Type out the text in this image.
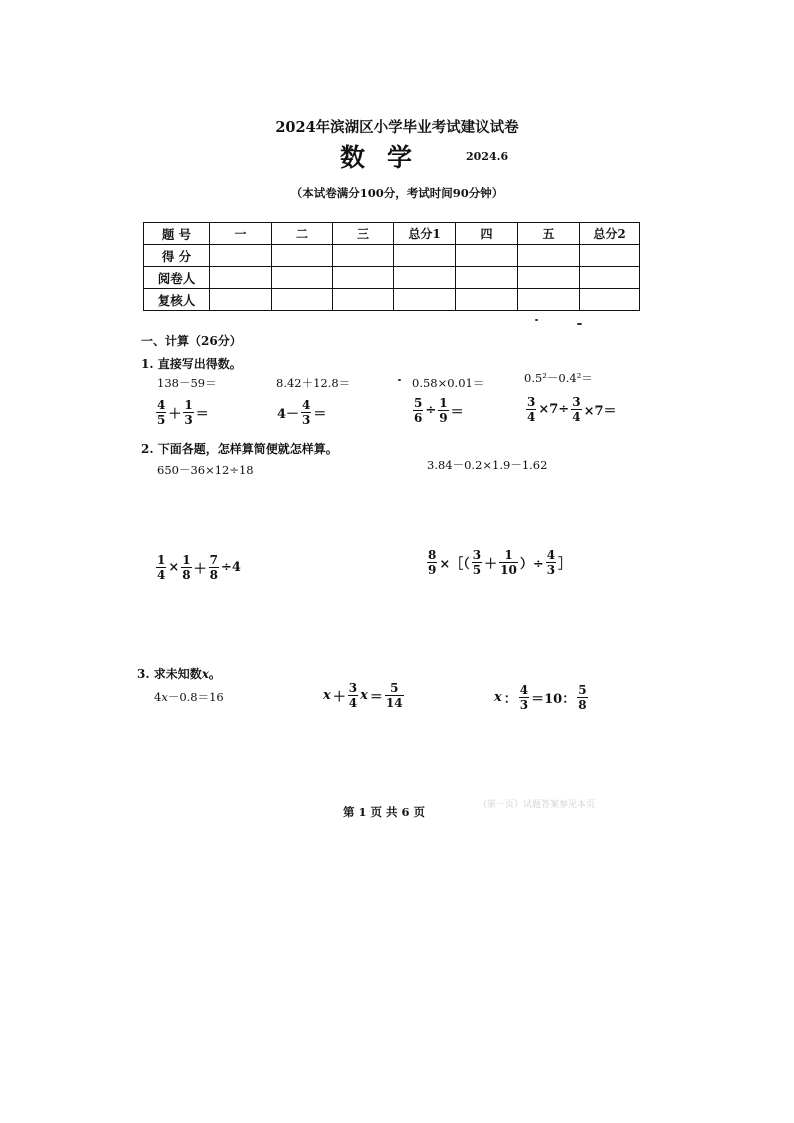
2024年滨湖区小学毕业考试建议试卷
数学	2024.6
（本试卷满分100分，考试时间90分钟）
题 号	一	二	三	总分1	四	五	总分2
得 分							
阅卷人							
复核人							
一、计算（26分）
1. 直接写出得数。
138－59＝	8.42＋12.8＝	0.58×0.01＝	0.5²－0.4²＝
$\frac{4}{5} + \frac{1}{3}$ ＝	$4- \frac{4}{3}$ ＝	$\frac{5}{6} \div \frac{1}{9}$ ＝	$\frac{3}{4} \times 7\div \frac{3}{4} \times 7=$
2. 下面各题，怎样算简便就怎样算。
650－36×12÷18	3.84－0.2×1.9－1.62
$\frac{1}{4} \times \frac{1}{8} + \frac{7}{8} \div 4$	$\frac{8}{9}$ ×［（ $\frac{3}{5} + \frac{1}{10}$ ）÷ $\frac{4}{3}$ ］
3. 求未知数x。
4x－0.8＝16	$x + \frac{3}{4}$ $x = \frac{5}{14}$	x ： $\frac{4}{3} =10$： $\frac{5}{8}$
第 1 页 共 6 页	（第一页）试题答案参见本页
